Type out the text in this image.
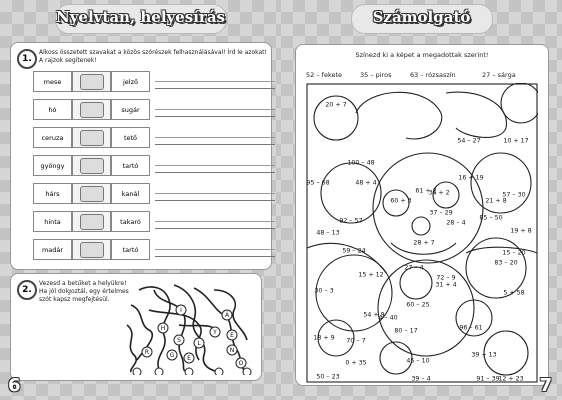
Nyelvtan, helyesírás
1.
Alkoss összetett szavakat a közös szórészek felhasználásával! Írd le azokat!
A rajzok segítenek!
mese	jelző
hó	sugár
ceruza	tető
gyöngy	tartó
hárs	kanál
hinta	takaró
madár	tartó
2.
Vezesd a betűket a helyükre!
Ha jól dolgoztál, egy értelmes
szót kapsz megfejtésül.
I
H
S
Á
Y E
L
N
G
R
E
O
6
Számolgató
Színezd ki a képet a megadottak szerint!
52 – fekete	35 – piros	63 – rózsaszín	27 – sárga
20 + 7
54 – 27	10 + 17
100 – 48
48 + 4
16 + 19
95 – 68
61 + 2
60 + 3
57 – 30
21 + 8
85 – 50
92 – 57
37 – 29
19 + 8
59 – 24
28 + 7
15 – 20
83 – 20
15 + 12
31 + 4
30 – 3
54 + 9
5 + 58
18 + 9
60 – 25
96 – 61
80 – 17
70 – 7
39 + 13
0 + 35
50 – 23
45 – 10
12 + 23
39 – 4	91 – 39
34 + 2
4 – 40
48 – 13
72 – 9
28 – 4
27 – 4
7
